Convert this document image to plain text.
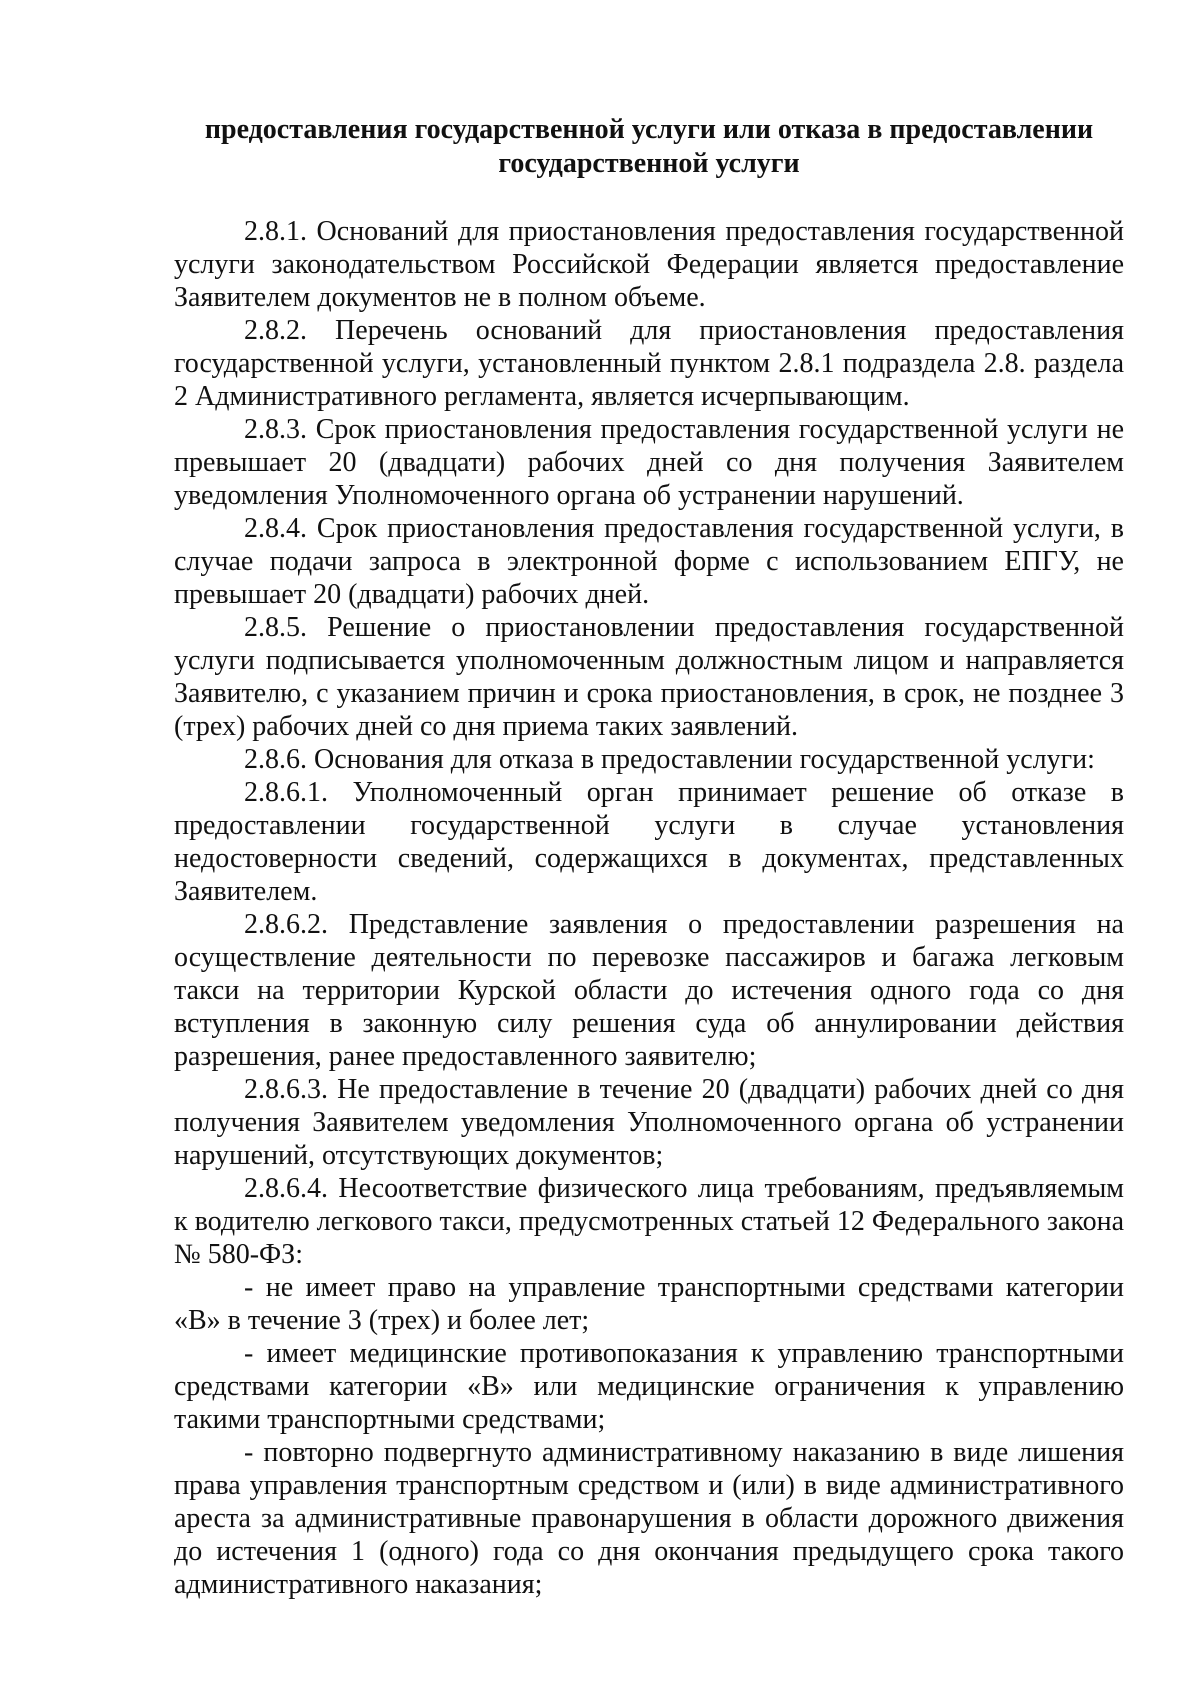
предоставления государственной услуги или отказа в предоставлении
государственной услуги

2.8.1. Оснований для приостановления предоставления государственной услуги законодательством Российской Федерации является предоставление Заявителем документов не в полном объеме.

2.8.2. Перечень оснований для приостановления предоставления государственной услуги, установленный пунктом 2.8.1 подраздела 2.8. раздела 2 Административного регламента, является исчерпывающим.

2.8.3. Срок приостановления предоставления государственной услуги не превышает 20 (двадцати) рабочих дней со дня получения Заявителем уведомления Уполномоченного органа об устранении нарушений.

2.8.4. Срок приостановления предоставления государственной услуги, в случае подачи запроса в электронной форме с использованием ЕПГУ, не превышает 20 (двадцати) рабочих дней.

2.8.5. Решение о приостановлении предоставления государственной услуги подписывается уполномоченным должностным лицом и направляется Заявителю, с указанием причин и срока приостановления, в срок, не позднее 3 (трех) рабочих дней со дня приема таких заявлений.

2.8.6. Основания для отказа в предоставлении государственной услуги:

2.8.6.1. Уполномоченный орган принимает решение об отказе в предоставлении государственной услуги в случае установления недостоверности сведений, содержащихся в документах, представленных Заявителем.

2.8.6.2. Представление заявления о предоставлении разрешения на осуществление деятельности по перевозке пассажиров и багажа легковым такси на территории Курской области до истечения одного года со дня вступления в законную силу решения суда об аннулировании действия разрешения, ранее предоставленного заявителю;

2.8.6.3. Не предоставление в течение 20 (двадцати) рабочих дней со дня получения Заявителем уведомления Уполномоченного органа об устранении нарушений, отсутствующих документов;

2.8.6.4. Несоответствие физического лица требованиям, предъявляемым к водителю легкового такси, предусмотренных статьей 12 Федерального закона № 580-ФЗ:

- не имеет право на управление транспортными средствами категории «В» в течение 3 (трех) и более лет;

- имеет медицинские противопоказания к управлению транспортными средствами категории «В» или медицинские ограничения к управлению такими транспортными средствами;

- повторно подвергнуто административному наказанию в виде лишения права управления транспортным средством и (или) в виде административного ареста за административные правонарушения в области дорожного движения до истечения 1 (одного) года со дня окончания предыдущего срока такого административного наказания;
